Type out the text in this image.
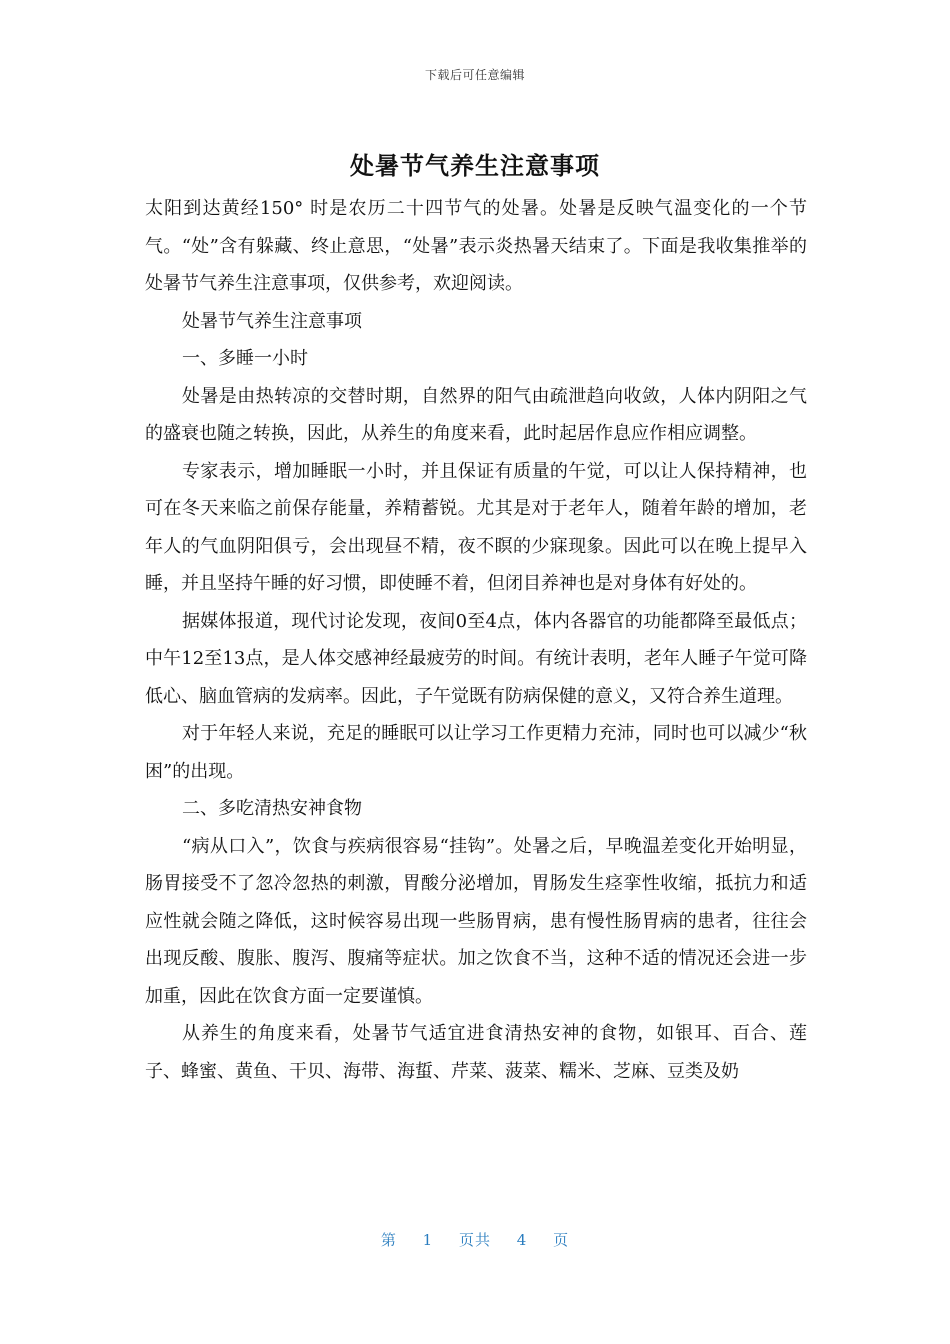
下载后可任意编辑
处暑节气养生注意事项

太阳到达黄经150° 时是农历二十四节气的处暑。处暑是反映气温变化的一个节气。“处”含有躲藏、终止意思，“处暑”表示炎热暑天结束了。下面是我收集推举的处暑节气养生注意事项，仅供参考，欢迎阅读。

处暑节气养生注意事项

一、多睡一小时

处暑是由热转凉的交替时期，自然界的阳气由疏泄趋向收敛，人体内阴阳之气的盛衰也随之转换，因此，从养生的角度来看，此时起居作息应作相应调整。

专家表示，增加睡眠一小时，并且保证有质量的午觉，可以让人保持精神，也可在冬天来临之前保存能量，养精蓄锐。尤其是对于老年人，随着年龄的增加，老年人的气血阴阳俱亏，会出现昼不精，夜不瞑的少寐现象。因此可以在晚上提早入睡，并且坚持午睡的好习惯，即使睡不着，但闭目养神也是对身体有好处的。

据媒体报道，现代讨论发现，夜间0至4点，体内各器官的功能都降至最低点；中午12至13点，是人体交感神经最疲劳的时间。有统计表明，老年人睡子午觉可降低心、脑血管病的发病率。因此，子午觉既有防病保健的意义，又符合养生道理。

对于年轻人来说，充足的睡眠可以让学习工作更精力充沛，同时也可以减少“秋困”的出现。

二、多吃清热安神食物

“病从口入”，饮食与疾病很容易“挂钩”。处暑之后，早晚温差变化开始明显，肠胃接受不了忽冷忽热的刺激，胃酸分泌增加，胃肠发生痉挛性收缩，抵抗力和适应性就会随之降低，这时候容易出现一些肠胃病，患有慢性肠胃病的患者，往往会出现反酸、腹胀、腹泻、腹痛等症状。加之饮食不当，这种不适的情况还会进一步加重，因此在饮食方面一定要谨慎。

从养生的角度来看，处暑节气适宜进食清热安神的食物，如银耳、百合、莲子、蜂蜜、黄鱼、干贝、海带、海蜇、芹菜、菠菜、糯米、芝麻、豆类及奶

第 1 页共 4 页
